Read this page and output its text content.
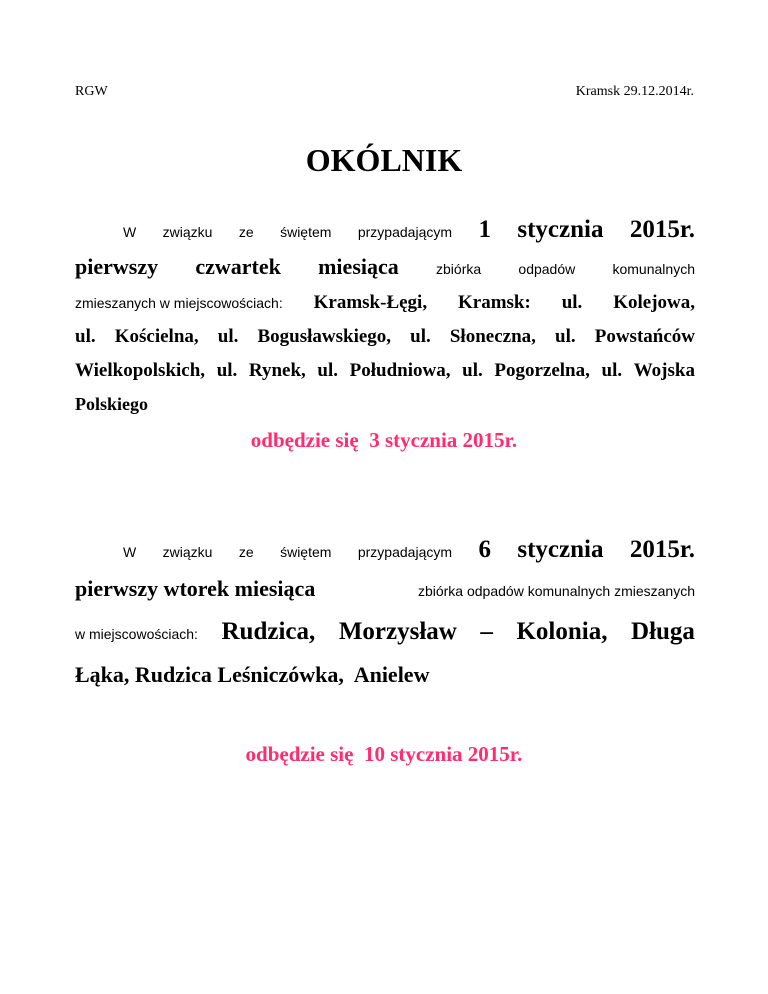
RGW	Kramsk 29.12.2014r.
OKÓLNIK
W związku ze świętem przypadającym 1 stycznia 2015r.
pierwszy czwartek miesiąca	zbiórka	odpadów	komunalnych
zmieszanych w miejscowościach: Kramsk-Łęgi, Kramsk: ul. Kolejowa,
ul. Kościelna, ul. Bogusławskiego, ul. Słoneczna, ul. Powstańców
Wielkopolskich, ul. Rynek, ul. Południowa, ul. Pogorzelna, ul. Wojska
Polskiego
odbędzie się  3 stycznia 2015r.
W związku ze świętem przypadającym 6 stycznia 2015r.
pierwszy wtorek miesiąca	zbiórka odpadów komunalnych zmieszanych
w miejscowościach: Rudzica, Morzysław – Kolonia, Długa
Łąka, Rudzica Leśniczówka,  Anielew
odbędzie się  10 stycznia 2015r.
